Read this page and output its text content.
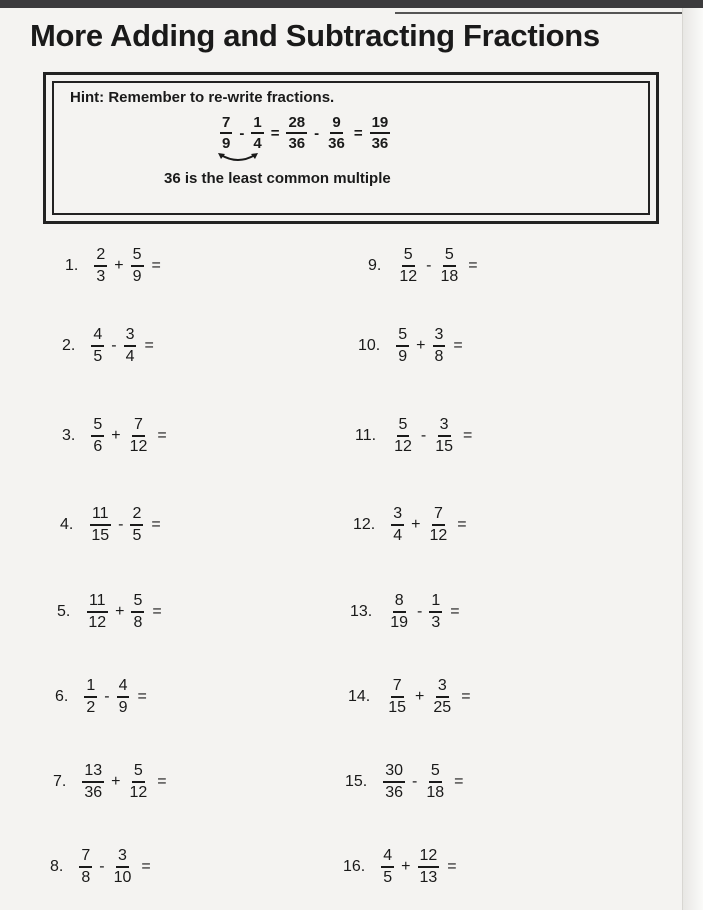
More Adding and Subtracting Fractions
Hint: Remember to re-write fractions.
$\frac{7}{9} - \frac{1}{4} = \frac{28}{36} - \frac{9}{36} = \frac{19}{36}$
36 is the least common multiple
1. $\frac{2}{3} + \frac{5}{9}$ =
2. $\frac{4}{5} - \frac{3}{4}$ =
3. $\frac{5}{6} + \frac{7}{12}$ =
4. $\frac{11}{15} - \frac{2}{5}$ =
5. $\frac{11}{12} + \frac{5}{8}$ =
6. $\frac{1}{2} - \frac{4}{9}$ =
7. $\frac{13}{36} + \frac{5}{12}$ =
8. $\frac{7}{8} - \frac{3}{10}$ =
9. $\frac{5}{12} - \frac{5}{18}$ =
10. $\frac{5}{9} + \frac{3}{8}$ =
11. $\frac{5}{12} - \frac{3}{15}$ =
12. $\frac{3}{4} + \frac{7}{12}$ =
13. $\frac{8}{19} - \frac{1}{3}$ =
14. $\frac{7}{15} + \frac{3}{25}$ =
15. $\frac{30}{36} - \frac{5}{18}$ =
16. $\frac{4}{5} + \frac{12}{13}$ =
